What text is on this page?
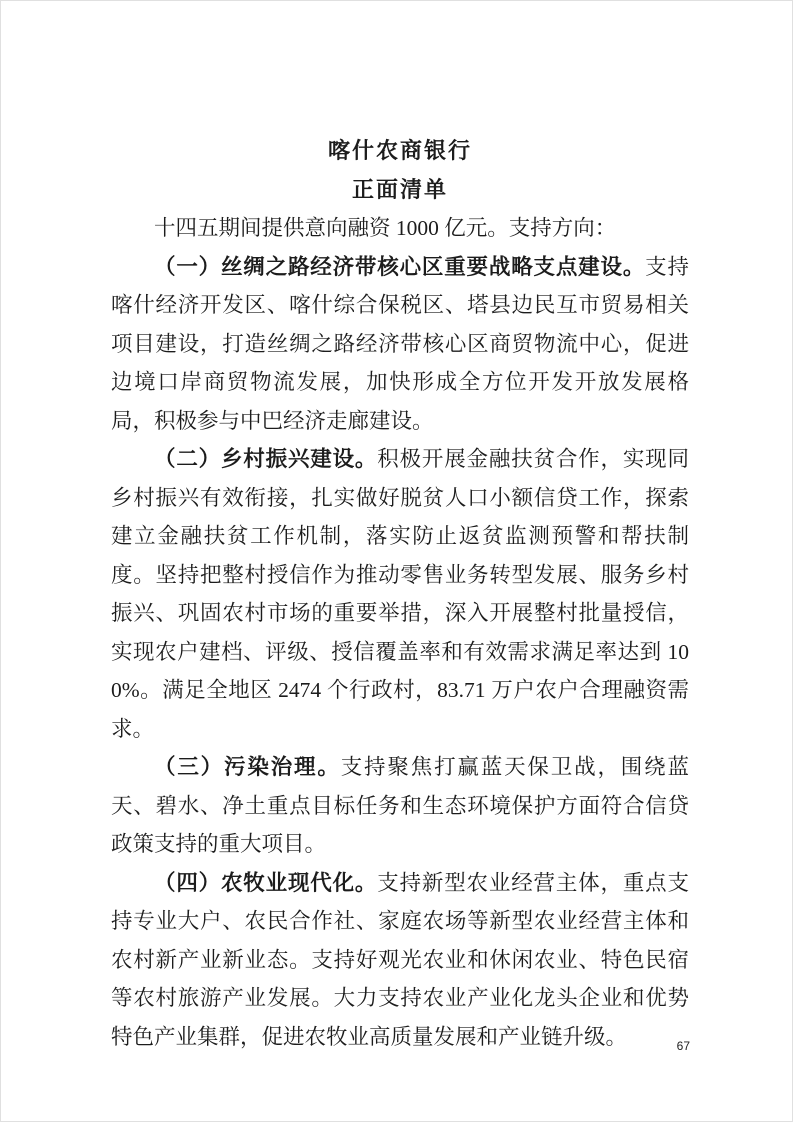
喀什农商银行
正面清单

十四五期间提供意向融资 1000 亿元。支持方向：

（一）丝绸之路经济带核心区重要战略支点建设。支持喀什经济开发区、喀什综合保税区、塔县边民互市贸易相关项目建设，打造丝绸之路经济带核心区商贸物流中心，促进边境口岸商贸物流发展，加快形成全方位开发开放发展格局，积极参与中巴经济走廊建设。

（二）乡村振兴建设。积极开展金融扶贫合作，实现同乡村振兴有效衔接，扎实做好脱贫人口小额信贷工作，探索建立金融扶贫工作机制，落实防止返贫监测预警和帮扶制度。坚持把整村授信作为推动零售业务转型发展、服务乡村振兴、巩固农村市场的重要举措，深入开展整村批量授信，实现农户建档、评级、授信覆盖率和有效需求满足率达到 100%。满足全地区 2474 个行政村，83.71 万户农户合理融资需求。

（三）污染治理。支持聚焦打赢蓝天保卫战，围绕蓝天、碧水、净土重点目标任务和生态环境保护方面符合信贷政策支持的重大项目。

（四）农牧业现代化。支持新型农业经营主体，重点支持专业大户、农民合作社、家庭农场等新型农业经营主体和农村新产业新业态。支持好观光农业和休闲农业、特色民宿等农村旅游产业发展。大力支持农业产业化龙头企业和优势特色产业集群，促进农牧业高质量发展和产业链升级。	67
